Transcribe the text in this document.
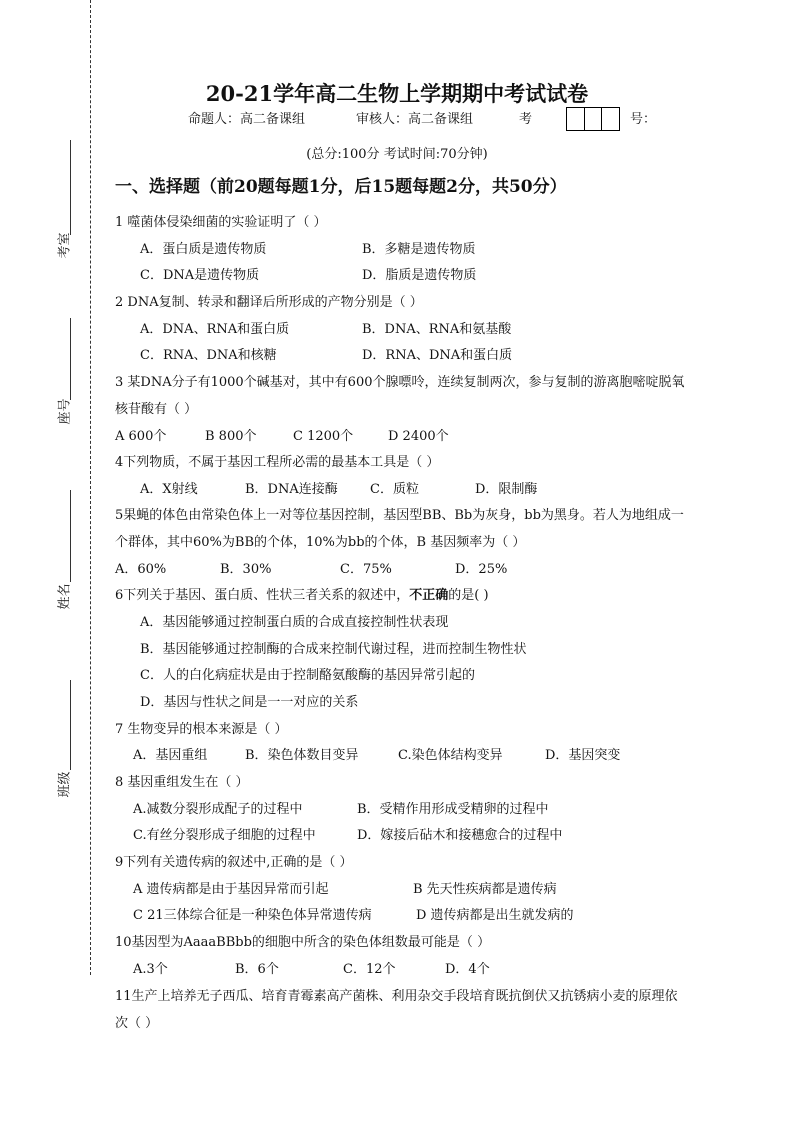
考室
座号
姓名
班级
20-21学年高二生物上学期期中考试试卷
命题人：高二备课组	审核人：高二备课组	考	号：
(总分:100分 考试时间:70分钟)
一、选择题（前20题每题1分，后15题每题2分，共50分）
1 噬菌体侵染细菌的实验证明了（ ）
A．蛋白质是遗传物质	B．多糖是遗传物质
C．DNA是遗传物质	D．脂质是遗传物质
2 DNA复制、转录和翻译后所形成的产物分别是（ ）
A．DNA、RNA和蛋白质	B．DNA、RNA和氨基酸
C．RNA、DNA和核糖	D．RNA、DNA和蛋白质
3 某DNA分子有1000个碱基对，其中有600个腺嘌呤，连续复制两次，参与复制的游离胞嘧啶脱氧
核苷酸有（ ）
A 600个	B 800个	C 1200个	D 2400个
4下列物质，不属于基因工程所必需的最基本工具是（ ）
A．X射线	B．DNA连接酶 C．质粒	D．限制酶
5果蝇的体色由常染色体上一对等位基因控制，基因型BB、Bb为灰身，bb为黑身。若人为地组成一
个群体，其中60%为BB的个体，10%为bb的个体，B 基因频率为（ ）
A．60%	B．30%	C．75%	D．25%
6下列关于基因、蛋白质、性状三者关系的叙述中，不正确的是( )
A．基因能够通过控制蛋白质的合成直接控制性状表现
B．基因能够通过控制酶的合成来控制代谢过程，进而控制生物性状
C．人的白化病症状是由于控制酪氨酸酶的基因异常引起的
D．基因与性状之间是一一对应的关系
7 生物变异的根本来源是（ ）
A．基因重组	B．染色体数目变异	C.染色体结构变异	D．基因突变
8 基因重组发生在（ ）
A.减数分裂形成配子的过程中	B．受精作用形成受精卵的过程中
C.有丝分裂形成子细胞的过程中	D．嫁接后砧木和接穗愈合的过程中
9下列有关遗传病的叙述中,正确的是（ ）
A 遗传病都是由于基因异常而引起	B 先天性疾病都是遗传病
C 21三体综合征是一种染色体异常遗传病	D 遗传病都是出生就发病的
10基因型为AaaaBBbb的细胞中所含的染色体组数最可能是（ ）
A.3个	B．6个	C．12个	D．4个
11生产上培养无子西瓜、培育青霉素高产菌株、利用杂交手段培育既抗倒伏又抗锈病小麦的原理依
次（ ）
